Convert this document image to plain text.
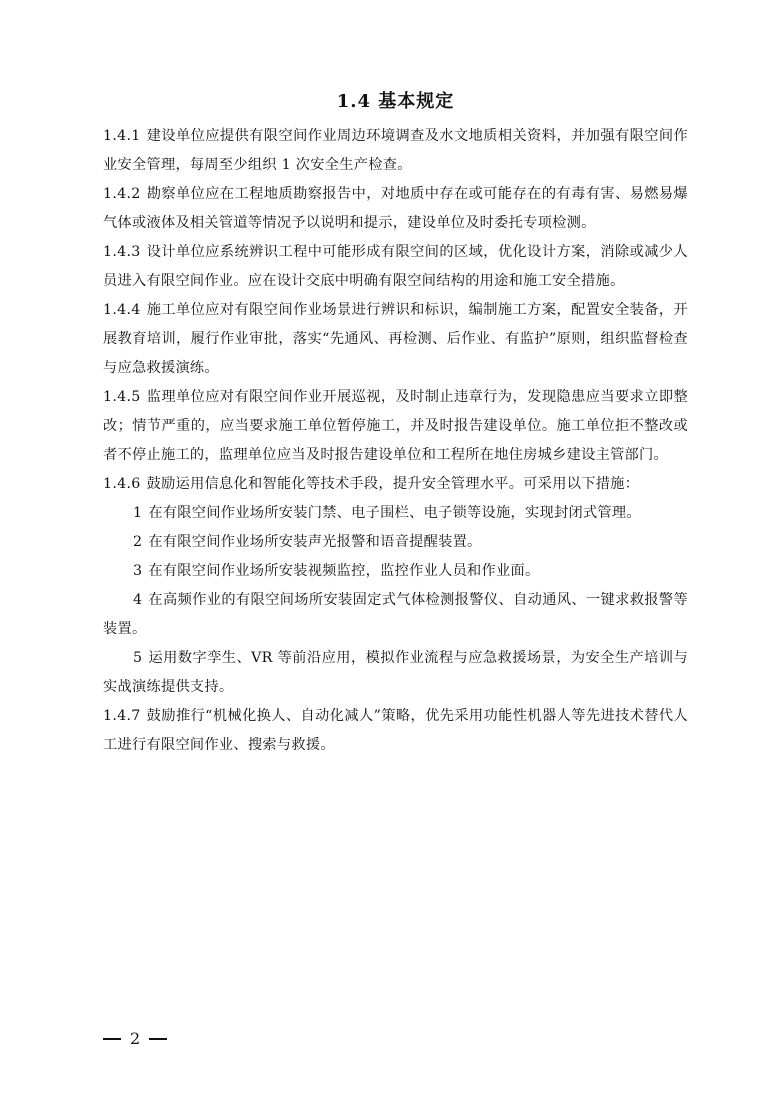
1.4 基本规定

1.4.1 建设单位应提供有限空间作业周边环境调查及水文地质相关资料，并加强有限空间作业安全管理，每周至少组织 1 次安全生产检查。

1.4.2 勘察单位应在工程地质勘察报告中，对地质中存在或可能存在的有毒有害、易燃易爆气体或液体及相关管道等情况予以说明和提示，建设单位及时委托专项检测。

1.4.3 设计单位应系统辨识工程中可能形成有限空间的区域，优化设计方案，消除或减少人员进入有限空间作业。应在设计交底中明确有限空间结构的用途和施工安全措施。

1.4.4 施工单位应对有限空间作业场景进行辨识和标识，编制施工方案，配置安全装备，开展教育培训，履行作业审批，落实“先通风、再检测、后作业、有监护”原则，组织监督检查与应急救援演练。

1.4.5 监理单位应对有限空间作业开展巡视，及时制止违章行为，发现隐患应当要求立即整改；情节严重的，应当要求施工单位暂停施工，并及时报告建设单位。施工单位拒不整改或者不停止施工的，监理单位应当及时报告建设单位和工程所在地住房城乡建设主管部门。

1.4.6 鼓励运用信息化和智能化等技术手段，提升安全管理水平。可采用以下措施：

1 在有限空间作业场所安装门禁、电子围栏、电子锁等设施，实现封闭式管理。

2 在有限空间作业场所安装声光报警和语音提醒装置。

3 在有限空间作业场所安装视频监控，监控作业人员和作业面。

4 在高频作业的有限空间场所安装固定式气体检测报警仪、自动通风、一键求救报警等装置。

5 运用数字孪生、VR 等前沿应用，模拟作业流程与应急救援场景，为安全生产培训与实战演练提供支持。

1.4.7 鼓励推行“机械化换人、自动化减人”策略，优先采用功能性机器人等先进技术替代人工进行有限空间作业、搜索与救援。

2
